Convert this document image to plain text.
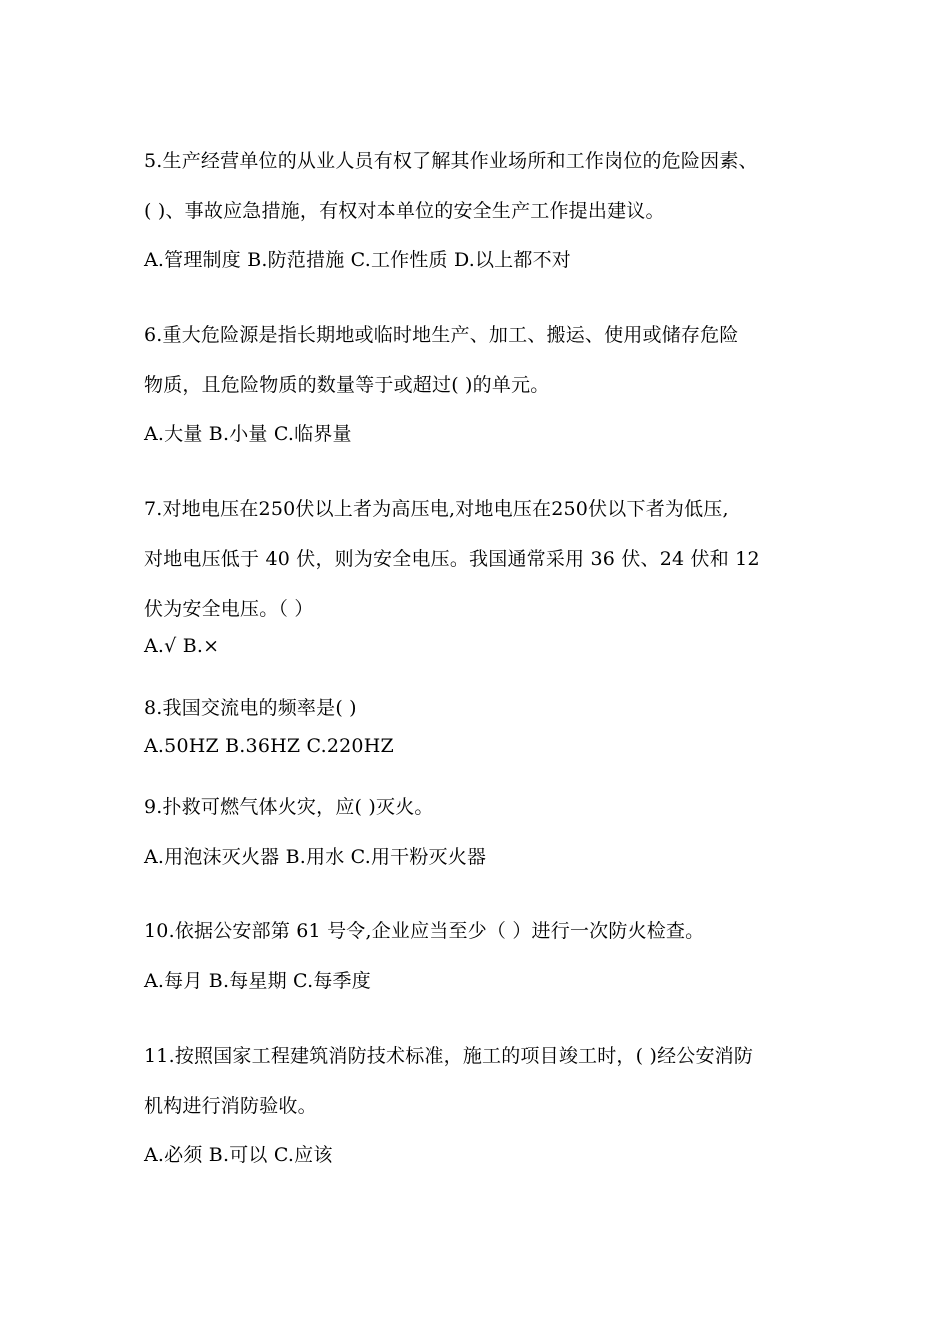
5.生产经营单位的从业人员有权了解其作业场所和工作岗位的危险因素、
( )、事故应急措施，有权对本单位的安全生产工作提出建议。
A.管理制度 B.防范措施 C.工作性质 D.以上都不对
6.重大危险源是指长期地或临时地生产、加工、搬运、使用或储存危险
物质，且危险物质的数量等于或超过( )的单元。
A.大量 B.小量 C.临界量
7.对地电压在250伏以上者为高压电,对地电压在250伏以下者为低压,
对地电压低于 40 伏，则为安全电压。我国通常采用 36 伏、24 伏和 12
伏为安全电压。（ ）
A.√ B.×
8.我国交流电的频率是( )
A.50HZ B.36HZ C.220HZ
9.扑救可燃气体火灾，应( )灭火。
A.用泡沫灭火器 B.用水 C.用干粉灭火器
10.依据公安部第 61 号令,企业应当至少（ ）进行一次防火检查。
A.每月 B.每星期 C.每季度
11.按照国家工程建筑消防技术标准，施工的项目竣工时，( )经公安消防
机构进行消防验收。
A.必须 B.可以 C.应该
